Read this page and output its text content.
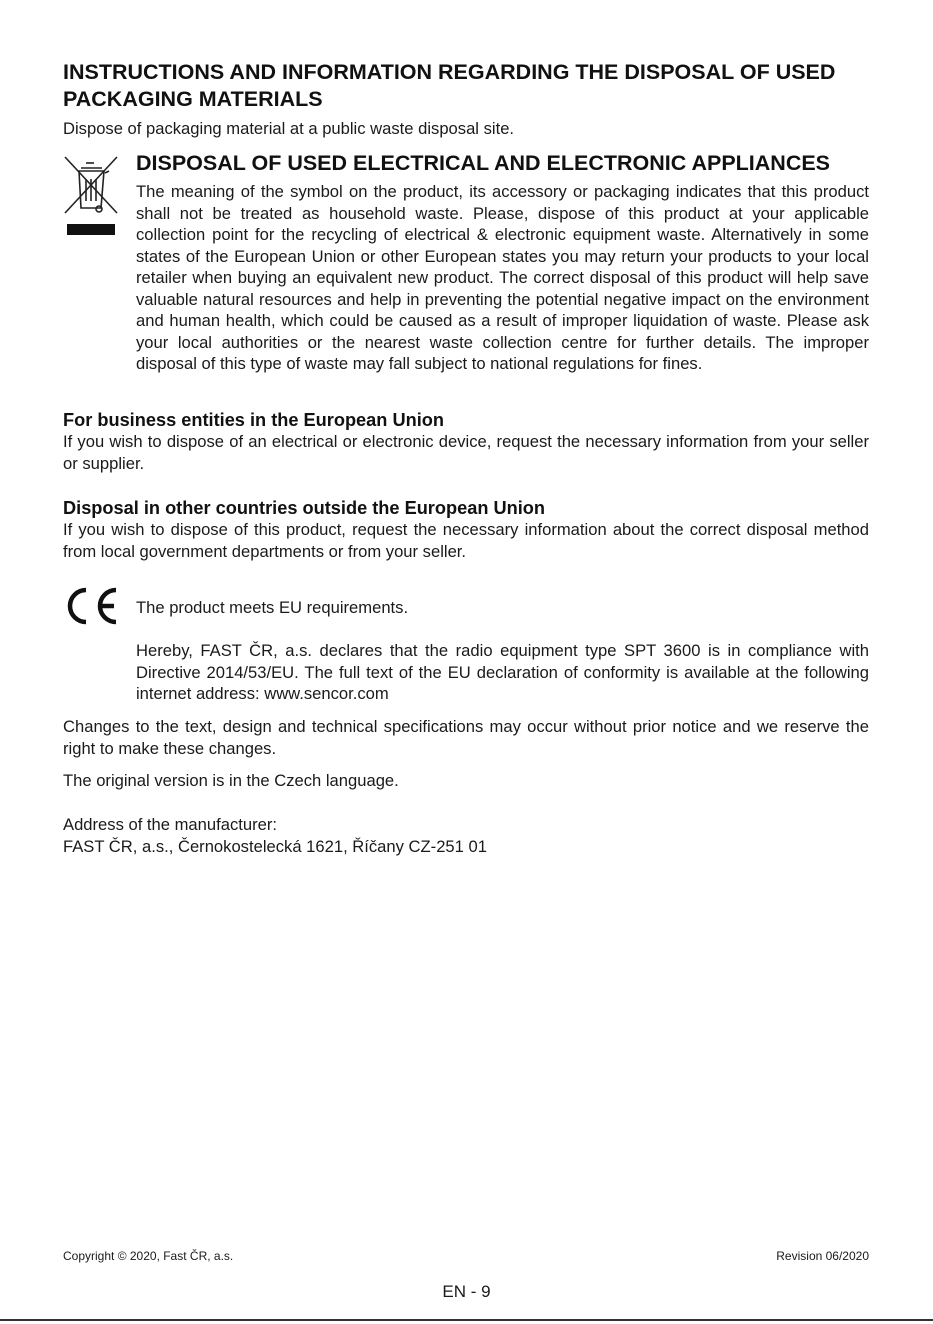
INSTRUCTIONS AND INFORMATION REGARDING THE DISPOSAL OF USED PACKAGING MATERIALS
Dispose of packaging material at a public waste disposal site.
DISPOSAL OF USED ELECTRICAL AND ELECTRONIC APPLIANCES
The meaning of the symbol on the product, its accessory or packaging indicates that this product shall not be treated as household waste. Please, dispose of this product at your applicable collection point for the recycling of electrical & electronic equipment waste. Alternatively in some states of the European Union or other European states you may return your products to your local retailer when buying an equivalent new product. The correct disposal of this product will help save valuable natural resources and help in preventing the potential negative impact on the environment and human health, which could be caused as a result of improper liquidation of waste. Please ask your local authorities or the nearest waste collection centre for further details. The improper disposal of this type of waste may fall subject to national regulations for fines.
For business entities in the European Union
If you wish to dispose of an electrical or electronic device, request the necessary information from your seller or supplier.
Disposal in other countries outside the European Union
If you wish to dispose of this product, request the necessary information about the correct disposal method from local government departments or from your seller.
The product meets EU requirements.
Hereby, FAST ČR, a.s. declares that the radio equipment type SPT 3600 is in compliance with Directive 2014/53/EU. The full text of the EU declaration of conformity is available at the following internet address: www.sencor.com
Changes to the text, design and technical specifications may occur without prior notice and we reserve the right to make these changes.
The original version is in the Czech language.
Address of the manufacturer:
FAST ČR, a.s., Černokostelecká 1621, Říčany CZ-251 01
Copyright © 2020, Fast ČR, a.s.	Revision 06/2020
EN - 9
